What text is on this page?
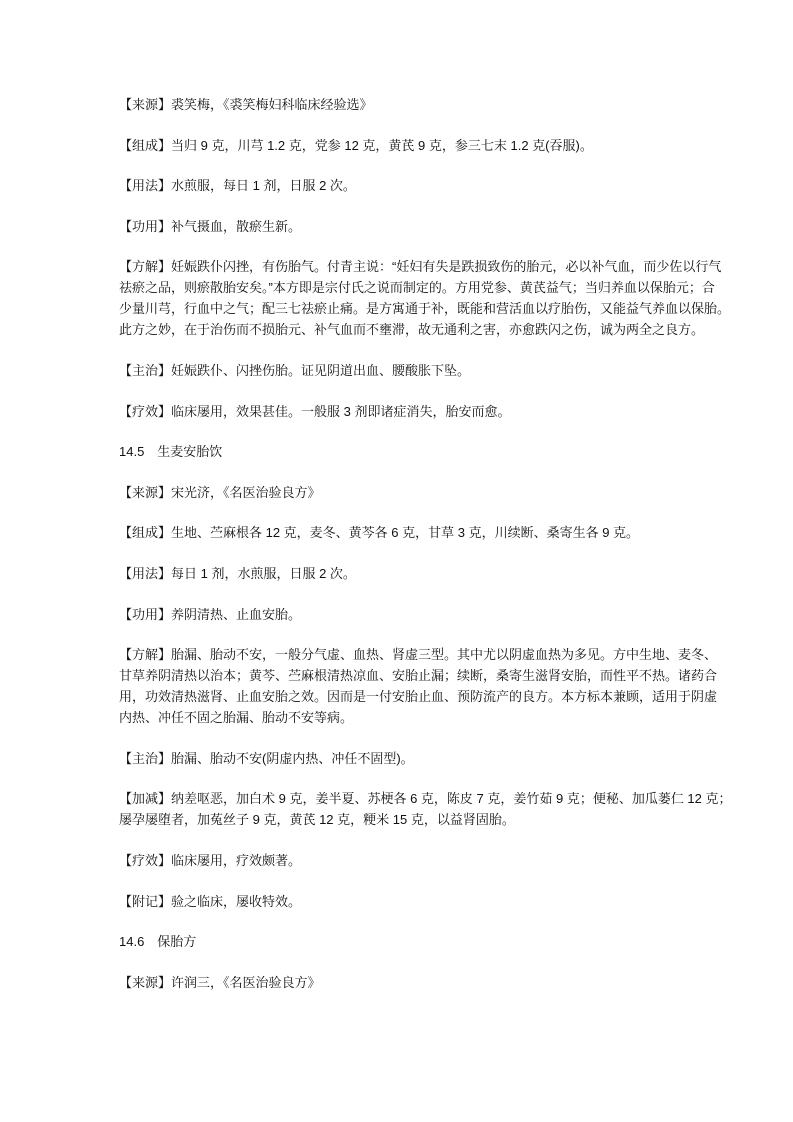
【来源】裘笑梅，《裘笑梅妇科临床经验选》
【组成】当归 9 克，川芎 1.2 克，党参 12 克，黄芪 9 克，参三七末 1.2 克(吞服)。
【用法】水煎服，每日 1 剂，日服 2 次。
【功用】补气摄血，散瘀生新。
【方解】妊娠跌仆闪挫，有伤胎气。付青主说：“妊妇有失是跌损致伤的胎元，必以补气血，而少佐以行气
祛瘀之品，则瘀散胎安矣。”本方即是宗付氏之说而制定的。方用党参、黄芪益气；当归养血以保胎元；合
少量川芎，行血中之气；配三七祛瘀止痛。是方寓通于补，既能和营活血以疗胎伤，又能益气养血以保胎。
此方之妙，在于治伤而不损胎元、补气血而不壅滞，故无通利之害，亦愈跌闪之伤，诚为两全之良方。
【主治】妊娠跌仆、闪挫伤胎。证见阴道出血、腰酸胀下坠。
【疗效】临床屡用，效果甚佳。一般服 3 剂即诸症消失，胎安而愈。
14.5　生麦安胎饮
【来源】宋光济，《名医治验良方》
【组成】生地、苎麻根各 12 克，麦冬、黄芩各 6 克，甘草 3 克，川续断、桑寄生各 9 克。
【用法】每日 1 剂，水煎服，日服 2 次。
【功用】养阴清热、止血安胎。
【方解】胎漏、胎动不安，一般分气虚、血热、肾虚三型。其中尤以阴虚血热为多见。方中生地、麦冬、
甘草养阴清热以治本；黄芩、苎麻根清热凉血、安胎止漏；续断，桑寄生滋肾安胎，而性平不热。诸药合
用，功效清热滋肾、止血安胎之效。因而是一付安胎止血、预防流产的良方。本方标本兼顾，适用于阴虚
内热、冲任不固之胎漏、胎动不安等病。
【主治】胎漏、胎动不安(阴虚内热、冲任不固型)。
【加减】纳差呕恶，加白术 9 克，姜半夏、苏梗各 6 克，陈皮 7 克，姜竹茹 9 克；便秘、加瓜蒌仁 12 克；
屡孕屡堕者，加菟丝子 9 克，黄芪 12 克，粳米 15 克，以益肾固胎。
【疗效】临床屡用，疗效颇著。
【附记】验之临床，屡收特效。
14.6　保胎方
【来源】许润三，《名医治验良方》
